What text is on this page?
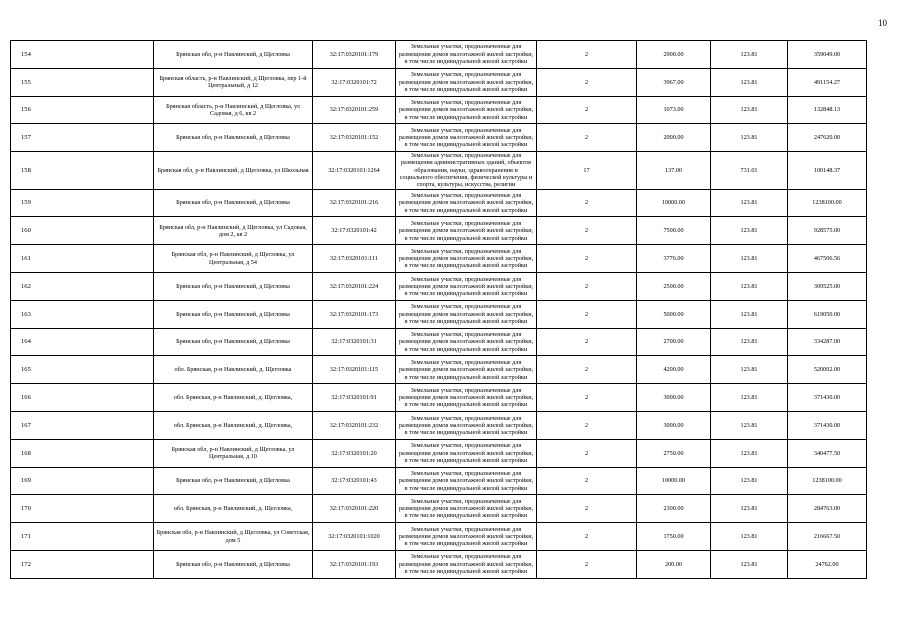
10
154	Брянская обл, р-н Навлинский, д Щегловка	32:17:0320101:179	Земельные участки, предназначенные для размещения домов малоэтажной жилой застройки, в том числе индивидуальной жилой застройки	2	2900.00	123.81	359049.00
155	Брянская область, р-н Навлинский, д Щегловка, пер 1-й Центральный, д 12	32:17:0320101:72	Земельные участки, предназначенные для размещения домов малоэтажной жилой застройки, в том числе индивидуальной жилой застройки	2	3967.00	123.81	491154.27
156	Брянская область, р-н Навлинский, д Щегловка, ул Садовая, д 6, кв 2	32:17:0320101:259	Земельные участки, предназначенные для размещения домов малоэтажной жилой застройки, в том числе индивидуальной жилой застройки	2	1073.00	123.81	132848.13
157	Брянская обл, р-н Навлинский, д Щегловка	32:17:0320101:152	Земельные участки, предназначенные для размещения домов малоэтажной жилой застройки, в том числе индивидуальной жилой застройки	2	2000.00	123.81	247620.00
158	Брянская обл, р-н Навлинский, д Щегловка, ул Школьная	32:17:0320101:1264	Земельные участки, предназначенные для размещения административных зданий, объектов образования, науки, здравоохранения и социального обеспечения, физической культуры и спорта, культуры, искусства, религии	17	137.00	731.01	100148.37
159	Брянская обл, р-н Навлинский, д Щегловка	32:17:0320101:216	Земельные участки, предназначенные для размещения домов малоэтажной жилой застройки, в том числе индивидуальной жилой застройки	2	10000.00	123.81	1238100.00
160	Брянская обл, р-н Навлинский, д Щегловка, ул Садовая, дом 2, кв 2	32:17:0320101:42	Земельные участки, предназначенные для размещения домов малоэтажной жилой застройки, в том числе индивидуальной жилой застройки	2	7500.00	123.81	928575.00
161	Брянская обл, р-н Навлинский, д Щегловка, ул Центральная, д 54	32:17:0320101:111	Земельные участки, предназначенные для размещения домов малоэтажной жилой застройки, в том числе индивидуальной жилой застройки	2	3776.00	123.81	467506.56
162	Брянская обл, р-н Навлинский, д Щегловка	32:17:0320101:224	Земельные участки, предназначенные для размещения домов малоэтажной жилой застройки, в том числе индивидуальной жилой застройки	2	2500.00	123.81	309525.00
163	Брянская обл, р-н Навлинский, д Щегловка	32:17:0320101:173	Земельные участки, предназначенные для размещения домов малоэтажной жилой застройки, в том числе индивидуальной жилой застройки	2	5000.00	123.81	619050.00
164	Брянская обл, р-н Навлинский, д Щегловка	32:17:0320101:31	Земельные участки, предназначенные для размещения домов малоэтажной жилой застройки, в том числе индивидуальной жилой застройки	2	2700.00	123.81	334287.00
165	обл. Брянская, р-н Навлинский, д. Щегловка	32:17:0320101:115	Земельные участки, предназначенные для размещения домов малоэтажной жилой застройки, в том числе индивидуальной жилой застройки	2	4200.00	123.81	520002.00
166	обл. Брянская, р-н Навлинский, д. Щегловка,	32:17:0320101:91	Земельные участки, предназначенные для размещения домов малоэтажной жилой застройки, в том числе индивидуальной жилой застройки	2	3000.00	123.81	371430.00
167	обл. Брянская, р-н Навлинский, д. Щегловка,	32:17:0320101:232	Земельные участки, предназначенные для размещения домов малоэтажной жилой застройки, в том числе индивидуальной жилой застройки	2	3000.00	123.81	371430.00
168	Брянская обл, р-н Навлинский, д Щегловка, ул Центральная, д 10	32:17:0320101:20	Земельные участки, предназначенные для размещения домов малоэтажной жилой застройки, в том числе индивидуальной жилой застройки	2	2750.00	123.81	340477.50
169	Брянская обл, р-н Навлинский, д Щегловка	32:17:0320101:43	Земельные участки, предназначенные для размещения домов малоэтажной жилой застройки, в том числе индивидуальной жилой застройки	2	10000.00	123.81	1238100.00
170	обл. Брянская, р-н Навлинский, д. Щегловка,	32:17:0320101:220	Земельные участки, предназначенные для размещения домов малоэтажной жилой застройки, в том числе индивидуальной жилой застройки	2	2300.00	123.81	284763.00
171	Брянская обл, р-н Навлинский, д Щегловка, ул Советская, дом 5	32:17:0320101:1020	Земельные участки, предназначенные для размещения домов малоэтажной жилой застройки, в том числе индивидуальной жилой застройки	2	1750.00	123.81	216667.50
172	Брянская обл, р-н Навлинский, д Щегловка	32:17:0320101:193	Земельные участки, предназначенные для размещения домов малоэтажной жилой застройки, в том числе индивидуальной жилой застройки	2	200.00	123.81	24762.00
